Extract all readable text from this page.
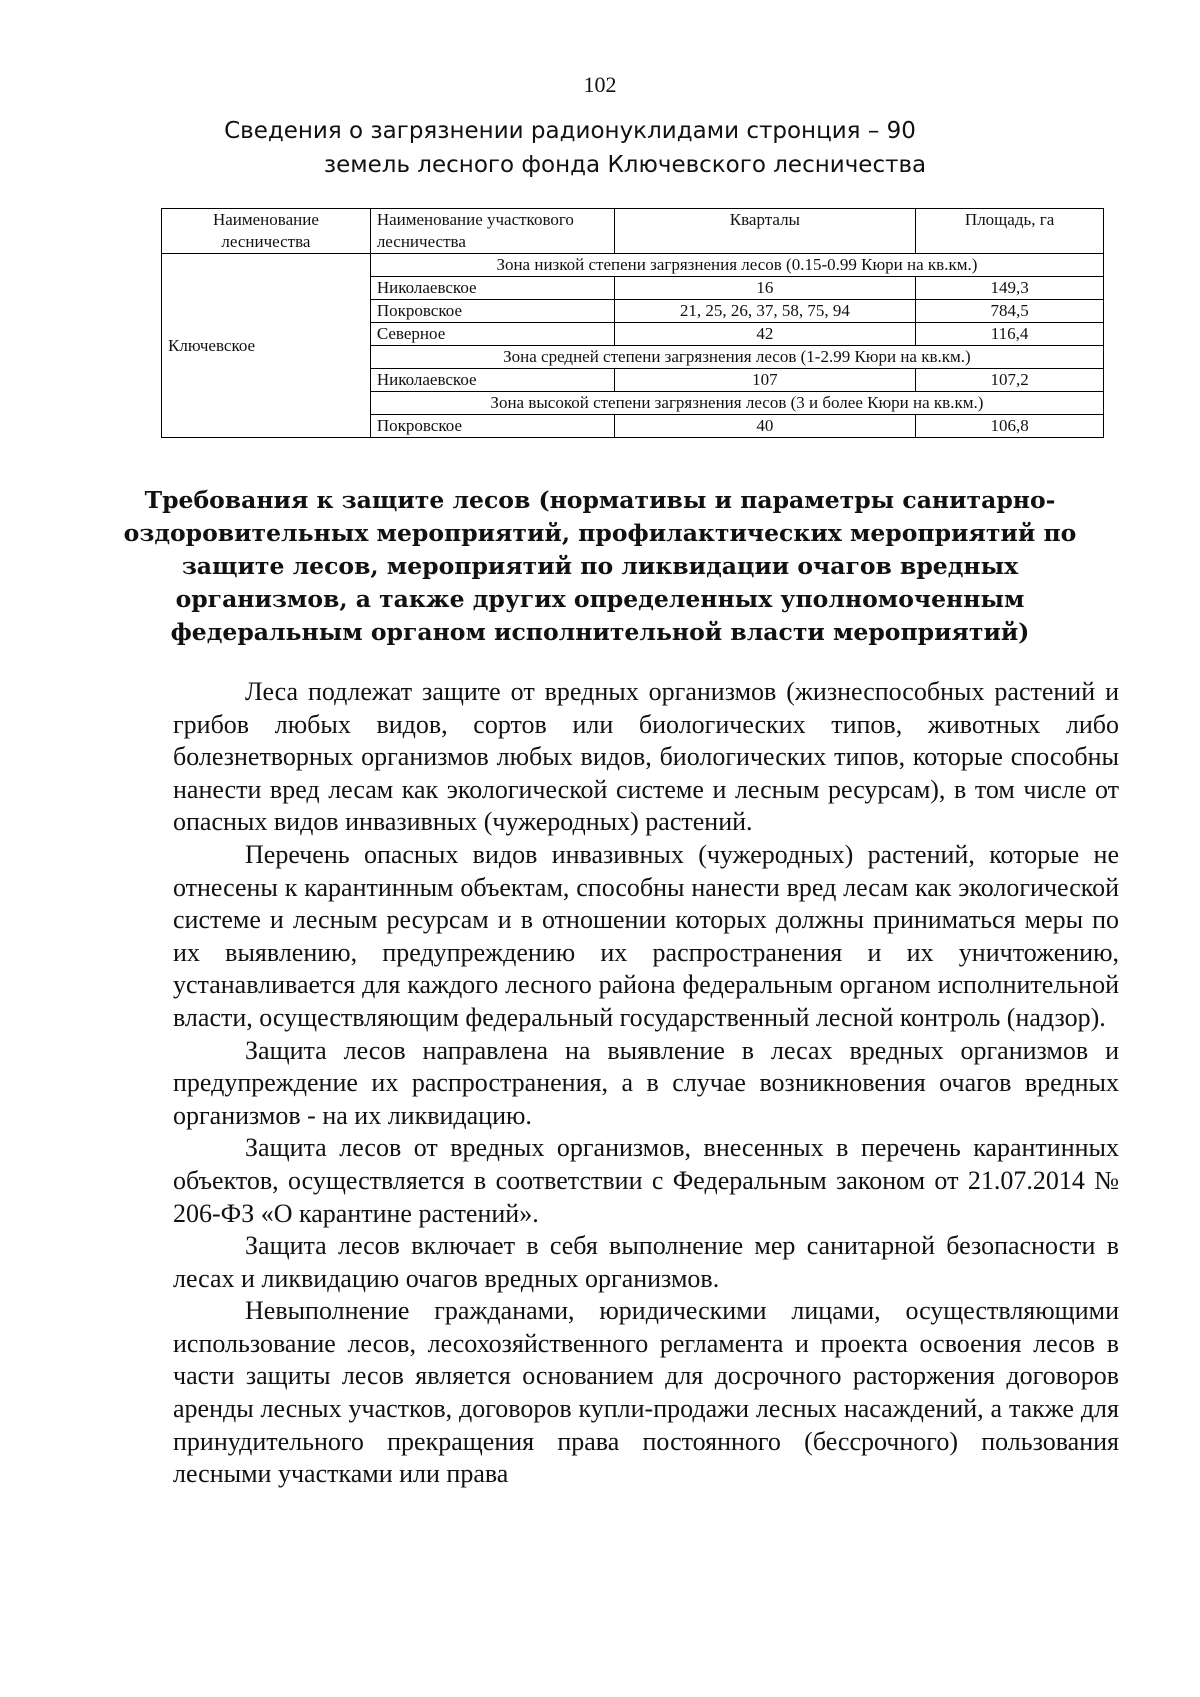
102
Сведения о загрязнении радионуклидами стронция – 90
земель лесного фонда Ключевского лесничества
Наименование лесничества	Наименование участкового лесничества	Кварталы	Площадь, га
Ключевское	Зона низкой степени загрязнения лесов (0.15-0.99 Кюри на кв.км.)		
	Николаевское	16	149,3
	Покровское	21, 25, 26, 37, 58, 75, 94	784,5
	Северное	42	116,4
	Зона средней степени загрязнения лесов (1-2.99 Кюри на кв.км.)		
	Николаевское	107	107,2
	Зона высокой степени загрязнения лесов (3 и более Кюри на кв.км.)		
	Покровское	40	106,8
Требования к защите лесов (нормативы и параметры санитарно-оздоровительных мероприятий, профилактических мероприятий по защите лесов, мероприятий по ликвидации очагов вредных организмов, а также других определенных уполномоченным федеральным органом исполнительной власти мероприятий)

Леса подлежат защите от вредных организмов (жизнеспособных растений и грибов любых видов, сортов или биологических типов, животных либо болезнетворных организмов любых видов, биологических типов, которые способны нанести вред лесам как экологической системе и лесным ресурсам), в том числе от опасных видов инвазивных (чужеродных) растений.

Перечень опасных видов инвазивных (чужеродных) растений, которые не отнесены к карантинным объектам, способны нанести вред лесам как экологической системе и лесным ресурсам и в отношении которых должны приниматься меры по их выявлению, предупреждению их распространения и их уничтожению, устанавливается для каждого лесного района федеральным органом исполнительной власти, осуществляющим федеральный государственный лесной контроль (надзор).

Защита лесов направлена на выявление в лесах вредных организмов и предупреждение их распространения, а в случае возникновения очагов вредных организмов - на их ликвидацию.

Защита лесов от вредных организмов, внесенных в перечень карантинных объектов, осуществляется в соответствии с Федеральным законом от 21.07.2014 № 206-ФЗ «О карантине растений».

Защита лесов включает в себя выполнение мер санитарной безопасности в лесах и ликвидацию очагов вредных организмов.

Невыполнение гражданами, юридическими лицами, осуществляющими использование лесов, лесохозяйственного регламента и проекта освоения лесов в части защиты лесов является основанием для досрочного расторжения договоров аренды лесных участков, договоров купли-продажи лесных насаждений, а также для принудительного прекращения права постоянного (бессрочного) пользования лесными участками или права
